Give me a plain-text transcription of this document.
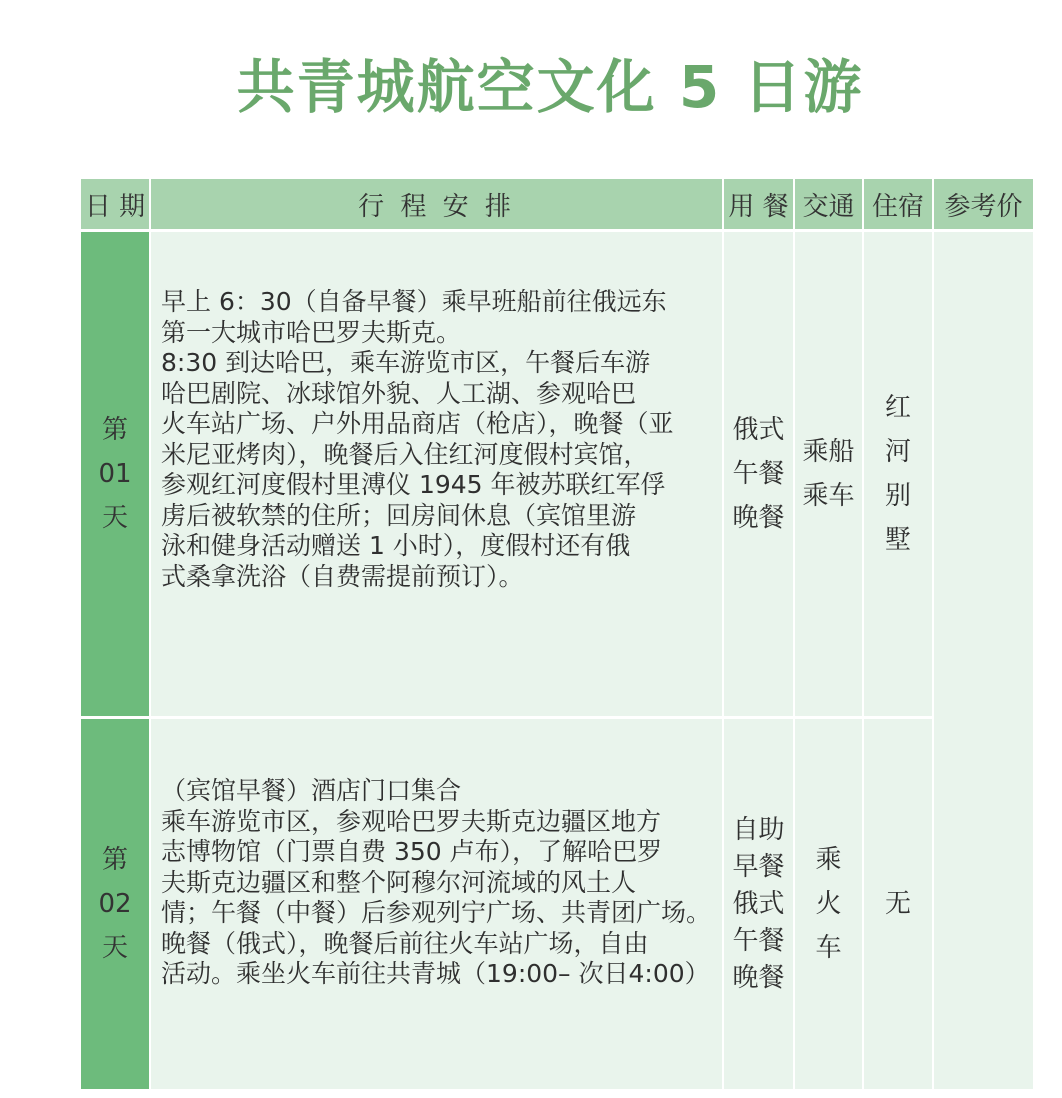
共青城航空文化 5 日游
日 期	行 程 安 排	用 餐 交通 住宿 参考价
第
01
天
早上 6：30（自备早餐）乘早班船前往俄远东
第一大城市哈巴罗夫斯克。
8:30 到达哈巴，乘车游览市区，午餐后车游
哈巴剧院、冰球馆外貌、人工湖、参观哈巴
火车站广场、户外用品商店（枪店），晚餐（亚
米尼亚烤肉），晚餐后入住红河度假村宾馆，
参观红河度假村里溥仪 1945 年被苏联红军俘
虏后被软禁的住所；回房间休息（宾馆里游
泳和健身活动赠送 1 小时），度假村还有俄
式桑拿洗浴（自费需提前预订）。
俄式
午餐
晚餐
乘船
乘车
红
河
别
墅
第
02
天
（宾馆早餐）酒店门口集合
乘车游览市区，参观哈巴罗夫斯克边疆区地方
志博物馆（门票自费 350 卢布），了解哈巴罗
夫斯克边疆区和整个阿穆尔河流域的风土人
情；午餐（中餐）后参观列宁广场、共青团广场。
晚餐（俄式），晚餐后前往火车站广场，自由
活动。乘坐火车前往共青城（19:00– 次日4:00）
自助
早餐
俄式
午餐
晚餐
乘
火
车
无
